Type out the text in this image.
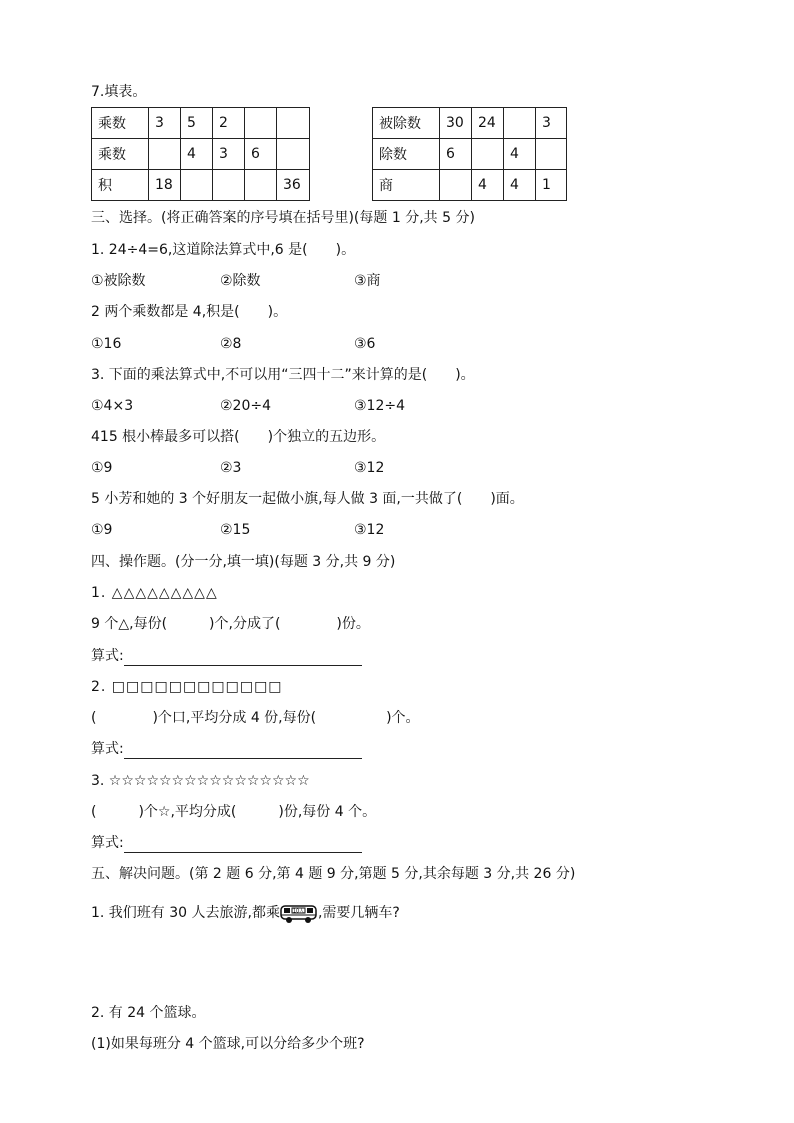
7.填表。
乘数	3	5	2		
乘数		4	3	6	
积	18				36
被除数	30	24		3
除数	6		4	
商		4	4	1
三、选择。(将正确答案的序号填在括号里)(每题 1 分,共 5 分)
1. 24÷4=6,这道除法算式中,6 是(　　)。
①被除数	②除数	③商
2 两个乘数都是 4,积是(　　)。
①16	②8	③6
3. 下面的乘法算式中,不可以用“三四十二”来计算的是(　　)。
①4×3	②20÷4	③12÷4
415 根小棒最多可以搭(　　)个独立的五边形。
①9	②3	③12
5 小芳和她的 3 个好朋友一起做小旗,每人做 3 面,一共做了(　　)面。
①9	②15	③12
四、操作题。(分一分,填一填)(每题 3 分,共 9 分)
1. △△△△△△△△△
9 个△,每份(　　　)个,分成了(　　　　)份。
算式:
2. □□□□□□□□□□□□
(　　　　)个口,平均分成 4 份,每份(　　　　　)个。
算式:
3. ☆☆☆☆☆☆☆☆☆☆☆☆☆☆☆☆
(　　　)个☆,平均分成(　　　)份,每份 4 个。
算式:
五、解决问题。(第 2 题 6 分,第 4 题 9 分,第题 5 分,其余每题 3 分,共 26 分)
1. 我们班有 30 人去旅游,都乘	10人 ,需要几辆车?
2. 有 24 个篮球。
(1)如果每班分 4 个篮球,可以分给多少个班?
